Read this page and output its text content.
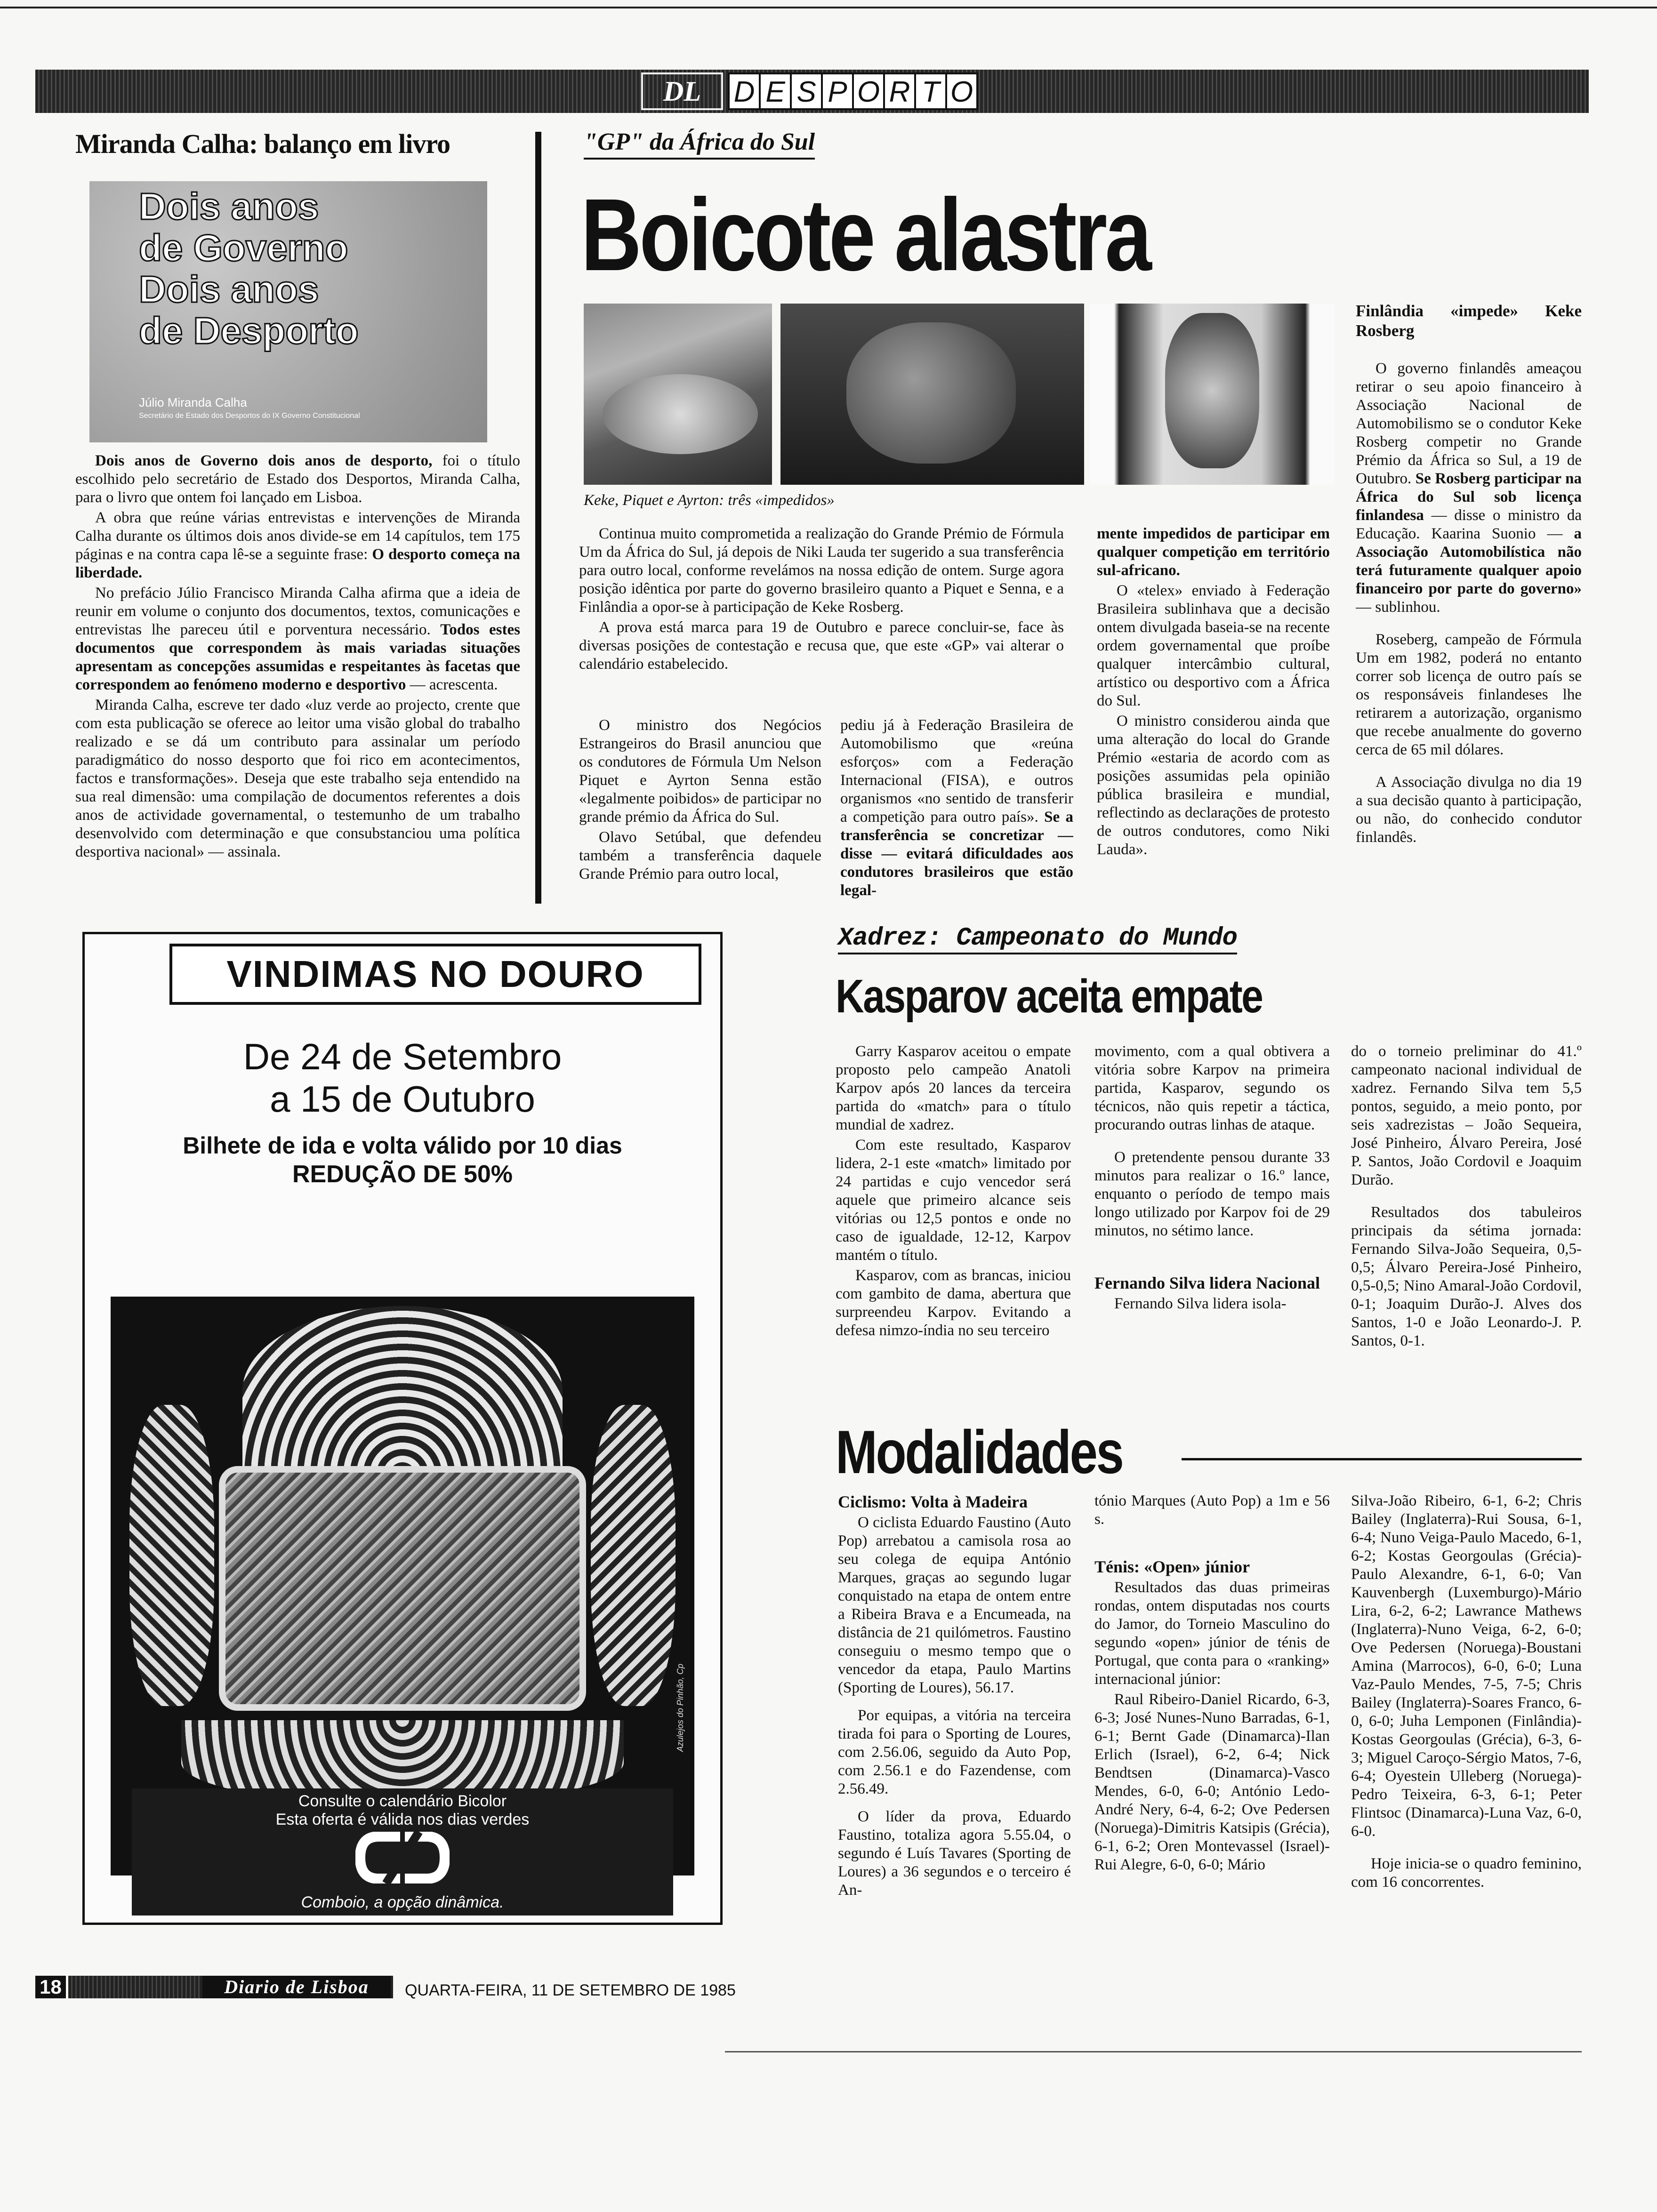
DL	D E S P O R T O
Miranda Calha: balanço em livro
Dois anos
de Governo
Dois anos
de Desporto
Júlio Miranda Calha
Secretário de Estado dos Desportos do IX Governo Constitucional

Dois anos de Governo dois anos de desporto, foi o título escolhido pelo secretário de Estado dos Desportos, Miranda Calha, para o livro que ontem foi lançado em Lisboa.

A obra que reúne várias entrevistas e intervenções de Miranda Calha durante os últimos dois anos divide-se em 14 capítulos, tem 175 páginas e na contra capa lê-se a seguinte frase: O desporto começa na liberdade.

No prefácio Júlio Francisco Miranda Calha afirma que a ideia de reunir em volume o conjunto dos documentos, textos, comunicações e entrevistas lhe pareceu útil e porventura necessário. Todos estes documentos que correspondem às mais variadas situações apresentam as concepções assumidas e respeitantes às facetas que correspondem ao fenómeno moderno e desportivo — acrescenta.

Miranda Calha, escreve ter dado «luz verde ao projecto, crente que com esta publicação se oferece ao leitor uma visão global do trabalho realizado e se dá um contributo para assinalar um período paradigmático do nosso desporto que foi rico em acontecimentos, factos e transformações». Deseja que este trabalho seja entendido na sua real dimensão: uma compilação de documentos referentes a dois anos de actividade governamental, o testemunho de um trabalho desenvolvido com determinação e que consubstanciou uma política desportiva nacional» — assinala.

"GP" da África do Sul
Boicote alastra
Keke, Piquet e Ayrton: três «impedidos»

Continua muito comprometida a realização do Grande Prémio de Fórmula Um da África do Sul, já depois de Niki Lauda ter sugerido a sua transferência para outro local, conforme revelámos na nossa edição de ontem. Surge agora posição idêntica por parte do governo brasileiro quanto a Piquet e Senna, e a Finlândia a opor-se à participação de Keke Rosberg.

A prova está marca para 19 de Outubro e parece concluir-se, face às diversas posições de contestação e recusa que, que este «GP» vai alterar o calendário estabelecido.

O ministro dos Negócios Estrangeiros do Brasil anunciou que os condutores de Fórmula Um Nelson Piquet e Ayrton Senna estão «legalmente poibidos» de participar no grande prémio da África do Sul.

Olavo Setúbal, que defendeu também a transferência daquele Grande Prémio para outro local,

pediu já à Federação Brasileira de Automobilismo que «reúna esforços» com a Federação Internacional (FISA), e outros organismos «no sentido de transferir a competição para outro país». Se a transferência se concretizar — disse — evitará dificuldades aos condutores brasileiros que estão legal-

mente impedidos de participar em qualquer competição em território sul-africano.

O «telex» enviado à Federação Brasileira sublinhava que a decisão ontem divulgada baseia-se na recente ordem governamental que proíbe qualquer intercâmbio cultural, artístico ou desportivo com a África do Sul.

O ministro considerou ainda que uma alteração do local do Grande Prémio «estaria de acordo com as posições assumidas pela opinião pública brasileira e mundial, reflectindo as declarações de protesto de outros condutores, como Niki Lauda».

Finlândia «impede» Keke Rosberg

O governo finlandês ameaçou retirar o seu apoio financeiro à Associação Nacional de Automobilismo se o condutor Keke Rosberg competir no Grande Prémio da África so Sul, a 19 de Outubro. Se Rosberg participar na África do Sul sob licença finlandesa — disse o ministro da Educação. Kaarina Suonio — a Associação Automobilística não terá futuramente qualquer apoio financeiro por parte do governo» — sublinhou.

Roseberg, campeão de Fórmula Um em 1982, poderá no entanto correr sob licença de outro país se os responsáveis finlandeses lhe retirarem a autorização, organismo que recebe anualmente do governo cerca de 65 mil dólares.

A Associação divulga no dia 19 a sua decisão quanto à participação, ou não, do conhecido condutor finlandês.

VINDIMAS NO DOURO
De 24 de Setembro
a 15 de Outubro
Bilhete de ida e volta válido por 10 dias
REDUÇÃO DE 50%
Azulejos do Pinhão, Cp
Consulte o calendário Bicolor
Esta oferta é válida nos dias verdes
Comboio, a opção dinâmica.
Xadrez: Campeonato do Mundo
Kasparov aceita empate

Garry Kasparov aceitou o empate proposto pelo campeão Anatoli Karpov após 20 lances da terceira partida do «match» para o título mundial de xadrez.

Com este resultado, Kasparov lidera, 2-1 este «match» limitado por 24 partidas e cujo vencedor será aquele que primeiro alcance seis vitórias ou 12,5 pontos e onde no caso de igualdade, 12-12, Karpov mantém o título.

Kasparov, com as brancas, iniciou com gambito de dama, abertura que surpreendeu Karpov. Evitando a defesa nimzo-índia no seu terceiro

movimento, com a qual obtivera a vitória sobre Karpov na primeira partida, Kasparov, segundo os técnicos, não quis repetir a táctica, procurando outras linhas de ataque.

O pretendente pensou durante 33 minutos para realizar o 16.º lance, enquanto o período de tempo mais longo utilizado por Karpov foi de 29 minutos, no sétimo lance.

Fernando Silva lidera Nacional

Fernando Silva lidera isola-

do o torneio preliminar do 41.º campeonato nacional individual de xadrez. Fernando Silva tem 5,5 pontos, seguido, a meio ponto, por seis xadrezistas – João Sequeira, José Pinheiro, Álvaro Pereira, José P. Santos, João Cordovil e Joaquim Durão.

Resultados dos tabuleiros principais da sétima jornada: Fernando Silva-João Sequeira, 0,5-0,5; Álvaro Pereira-José Pinheiro, 0,5-0,5; Nino Amaral-João Cordovil, 0-1; Joaquim Durão-J. Alves dos Santos, 1-0 e João Leonardo-J. P. Santos, 0-1.

Modalidades

Ciclismo: Volta à Madeira

O ciclista Eduardo Faustino (Auto Pop) arrebatou a camisola rosa ao seu colega de equipa António Marques, graças ao segundo lugar conquistado na etapa de ontem entre a Ribeira Brava e a Encumeada, na distância de 21 quilómetros. Faustino conseguiu o mesmo tempo que o vencedor da etapa, Paulo Martins (Sporting de Loures), 56.17.

Por equipas, a vitória na terceira tirada foi para o Sporting de Loures, com 2.56.06, seguido da Auto Pop, com 2.56.1 e do Fazendense, com 2.56.49.

O líder da prova, Eduardo Faustino, totaliza agora 5.55.04, o segundo é Luís Tavares (Sporting de Loures) a 36 segundos e o terceiro é An-

tónio Marques (Auto Pop) a 1m e 56 s.

Ténis: «Open» júnior

Resultados das duas primeiras rondas, ontem disputadas nos courts do Jamor, do Torneio Masculino do segundo «open» júnior de ténis de Portugal, que conta para o «ranking» internacional júnior:

Raul Ribeiro-Daniel Ricardo, 6-3, 6-3; José Nunes-Nuno Barradas, 6-1, 6-1; Bernt Gade (Dinamarca)-Ilan Erlich (Israel), 6-2, 6-4; Nick Bendtsen (Dinamarca)-Vasco Mendes, 6-0, 6-0; António Ledo-André Nery, 6-4, 6-2; Ove Pedersen (Noruega)-Dimitris Katsipis (Grécia), 6-1, 6-2; Oren Montevassel (Israel)-Rui Alegre, 6-0, 6-0; Mário

Silva-João Ribeiro, 6-1, 6-2; Chris Bailey (Inglaterra)-Rui Sousa, 6-1, 6-4; Nuno Veiga-Paulo Macedo, 6-1, 6-2; Kostas Georgoulas (Grécia)-Paulo Alexandre, 6-1, 6-0; Van Kauvenbergh (Luxemburgo)-Mário Lira, 6-2, 6-2; Lawrance Mathews (Inglaterra)-Nuno Veiga, 6-2, 6-0; Ove Pedersen (Noruega)-Boustani Amina (Marrocos), 6-0, 6-0; Luna Vaz-Paulo Mendes, 7-5, 7-5; Chris Bailey (Inglaterra)-Soares Franco, 6-0, 6-0; Juha Lemponen (Finlândia)-Kostas Georgoulas (Grécia), 6-3, 6-3; Miguel Caroço-Sérgio Matos, 7-6, 6-4; Oyestein Ulleberg (Noruega)-Pedro Teixeira, 6-3, 6-1; Peter Flintsoc (Dinamarca)-Luna Vaz, 6-0, 6-0.

Hoje inicia-se o quadro feminino, com 16 concorrentes.

18	Diario de Lisboa	QUARTA-FEIRA, 11 DE SETEMBRO DE 1985
